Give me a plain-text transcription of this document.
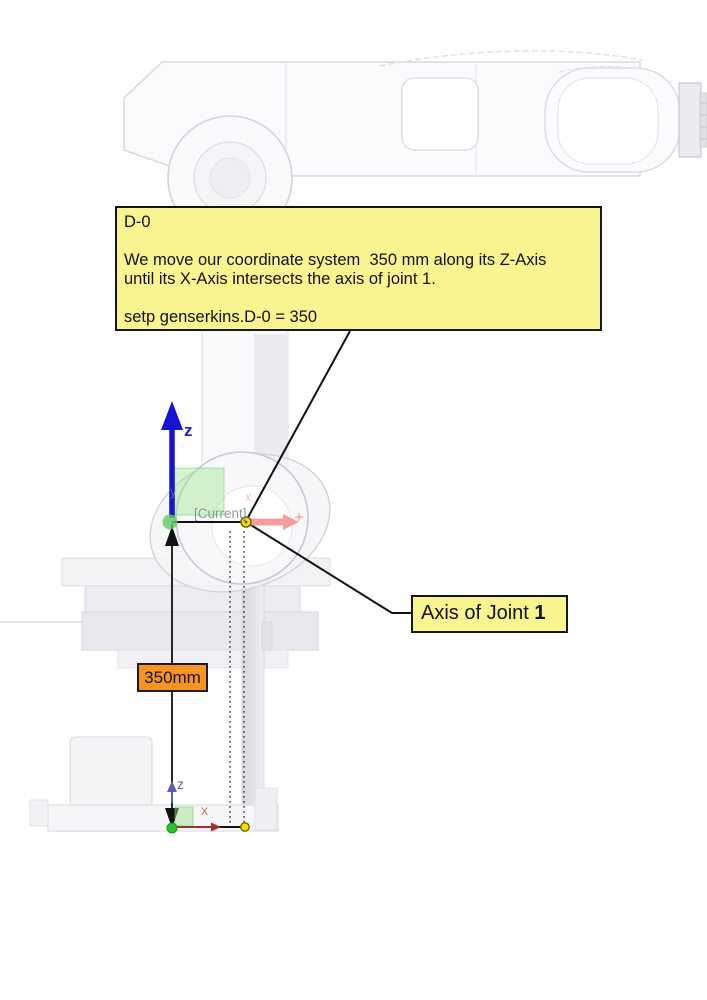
D-0

We move our coordinate system  350 mm along its Z-Axis

until its X-Axis intersects the axis of joint 1.

setp genserkins.D-0 = 350

Axis of Joint 1
350mm
z
[Current]
y	x
z
x
